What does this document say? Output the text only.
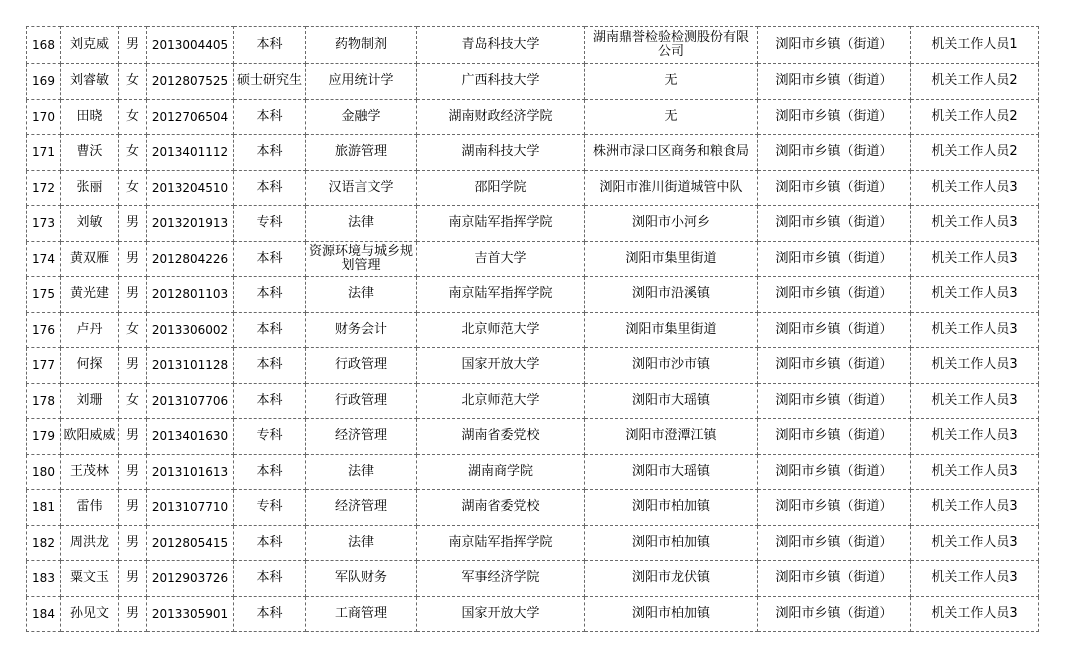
168	刘克威	男	2013004405	本科	药物制剂	青岛科技大学	湖南鼎誉检验检测股份有限公司	浏阳市乡镇（街道）	机关工作人员1
169	刘睿敏	女	2012807525	硕士研究生	应用统计学	广西科技大学	无	浏阳市乡镇（街道）	机关工作人员2
170	田晓	女	2012706504	本科	金融学	湖南财政经济学院	无	浏阳市乡镇（街道）	机关工作人员2
171	曹沃	女	2013401112	本科	旅游管理	湖南科技大学	株洲市渌口区商务和粮食局	浏阳市乡镇（街道）	机关工作人员2
172	张丽	女	2013204510	本科	汉语言文学	邵阳学院	浏阳市淮川街道城管中队	浏阳市乡镇（街道）	机关工作人员3
173	刘敏	男	2013201913	专科	法律	南京陆军指挥学院	浏阳市小河乡	浏阳市乡镇（街道）	机关工作人员3
174	黄双雁	男	2012804226	本科	资源环境与城乡规划管理	吉首大学	浏阳市集里街道	浏阳市乡镇（街道）	机关工作人员3
175	黄光建	男	2012801103	本科	法律	南京陆军指挥学院	浏阳市沿溪镇	浏阳市乡镇（街道）	机关工作人员3
176	卢丹	女	2013306002	本科	财务会计	北京师范大学	浏阳市集里街道	浏阳市乡镇（街道）	机关工作人员3
177	何探	男	2013101128	本科	行政管理	国家开放大学	浏阳市沙市镇	浏阳市乡镇（街道）	机关工作人员3
178	刘珊	女	2013107706	本科	行政管理	北京师范大学	浏阳市大瑶镇	浏阳市乡镇（街道）	机关工作人员3
179	欧阳威威	男	2013401630	专科	经济管理	湖南省委党校	浏阳市澄潭江镇	浏阳市乡镇（街道）	机关工作人员3
180	王茂林	男	2013101613	本科	法律	湖南商学院	浏阳市大瑶镇	浏阳市乡镇（街道）	机关工作人员3
181	雷伟	男	2013107710	专科	经济管理	湖南省委党校	浏阳市柏加镇	浏阳市乡镇（街道）	机关工作人员3
182	周洪龙	男	2012805415	本科	法律	南京陆军指挥学院	浏阳市柏加镇	浏阳市乡镇（街道）	机关工作人员3
183	粟文玉	男	2012903726	本科	军队财务	军事经济学院	浏阳市龙伏镇	浏阳市乡镇（街道）	机关工作人员3
184	孙见文	男	2013305901	本科	工商管理	国家开放大学	浏阳市柏加镇	浏阳市乡镇（街道）	机关工作人员3
